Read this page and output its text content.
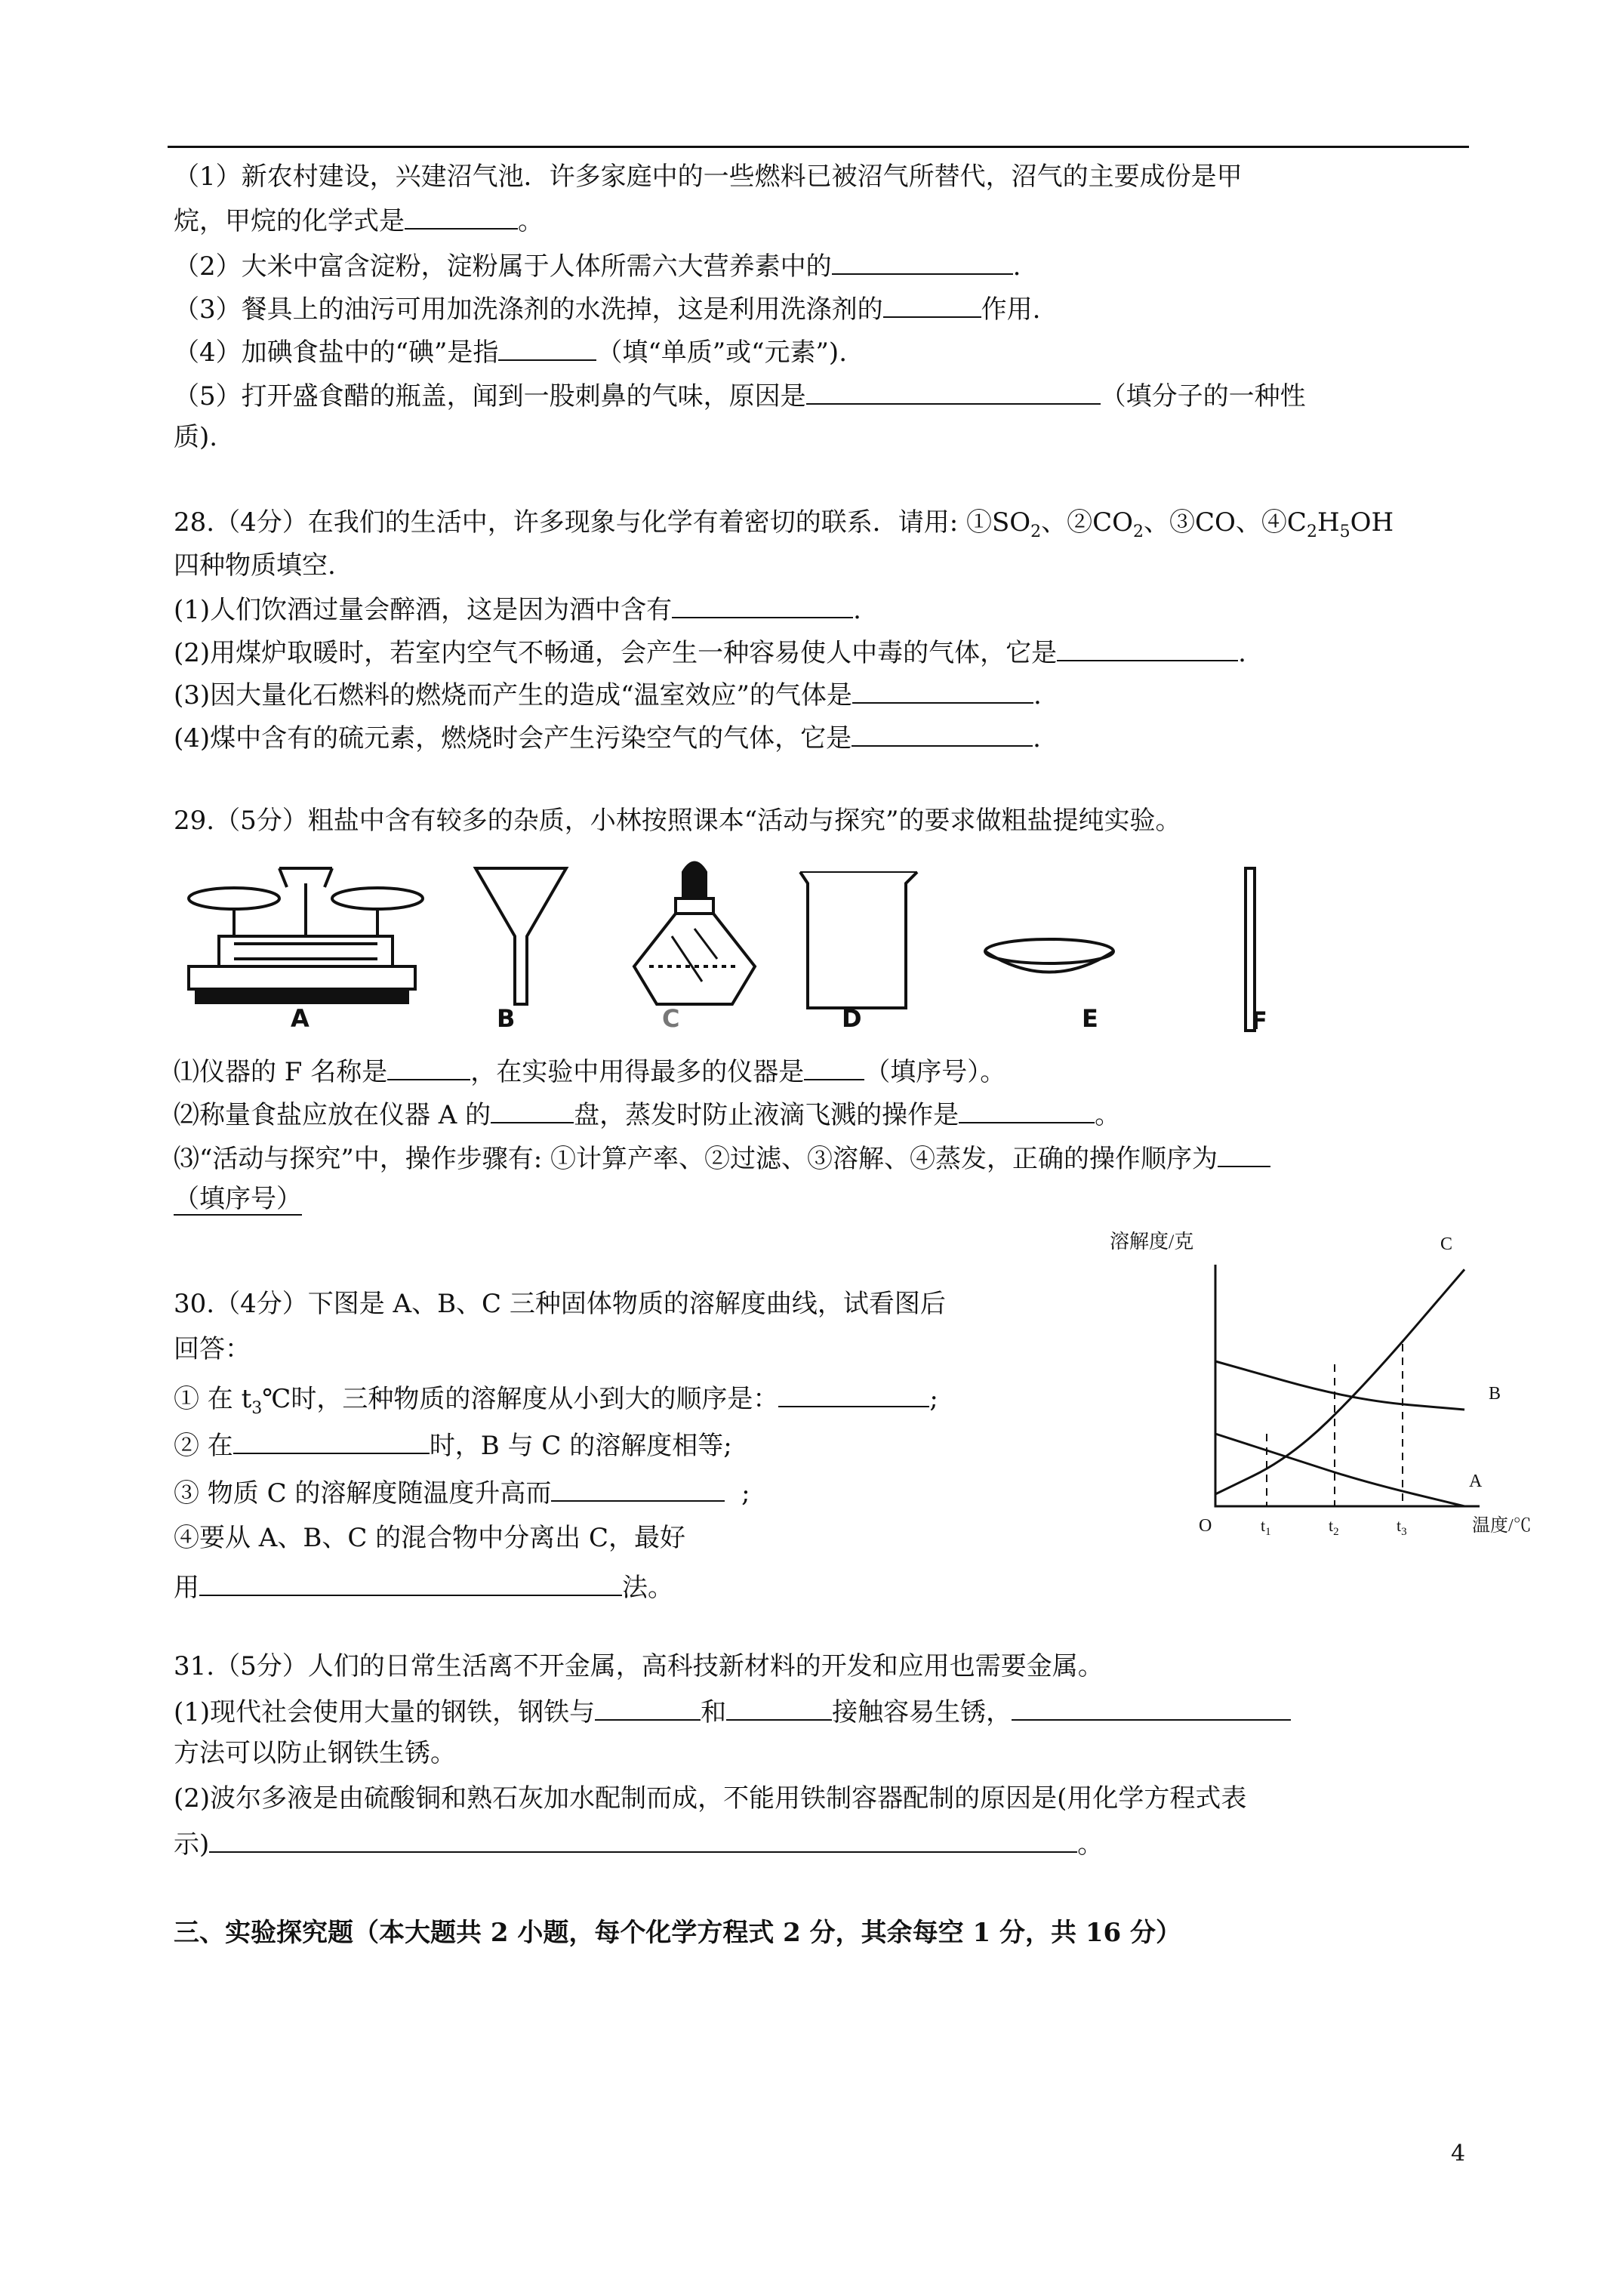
（1）新农村建设，兴建沼气池．许多家庭中的一些燃料已被沼气所替代，沼气的主要成份是甲
烷，甲烷的化学式是	。
（2）大米中富含淀粉，淀粉属于人体所需六大营养素中的	.
（3）餐具上的油污可用加洗涤剂的水洗掉，这是利用洗涤剂的	作用.
（4）加碘食盐中的“碘”是指	（填“单质”或“元素”).
（5）打开盛食醋的瓶盖，闻到一股刺鼻的气味，原因是	（填分子的一种性
质).
28.（4分）在我们的生活中，许多现象与化学有着密切的联系．请用: $①SO_2$、$②CO_2$、③CO、$④C_2H_5OH$
四种物质填空.
(1)人们饮酒过量会醉酒，这是因为酒中含有	.
(2)用煤炉取暖时，若室内空气不畅通，会产生一种容易使人中毒的气体，它是	.
(3)因大量化石燃料的燃烧而产生的造成“温室效应”的气体是	.
(4)煤中含有的硫元素，燃烧时会产生污染空气的气体，它是	.
29.（5分）粗盐中含有较多的杂质，小林按照课本“活动与探究”的要求做粗盐提纯实验。
A	B	C	D	E	F
⑴仪器的 F 名称是	，在实验中用得最多的仪器是 （填序号）。
⑵称量食盐应放在仪器 A 的	盘，蒸发时防止液滴飞溅的操作是	。
⑶“活动与探究”中，操作步骤有: ①计算产率、②过滤、③溶解、④蒸发，正确的操作顺序为
（填序号）
30.（4分）下图是 A、B、C 三种固体物质的溶解度曲线，试看图后
回答：
① 在 $t_3℃$时，三种物质的溶解度从小到大的顺序是：	;
② 在	时，B 与 C 的溶解度相等;
③ 物质 C 的溶解度随温度升高而	;
④要从 A、B、C 的混合物中分离出 C，最好
用	法。
溶解度/克
温度/℃
O
C
B
A
$t_1$	$t_2$	$t_3$
31.（5分）人们的日常生活离不开金属，高科技新材料的开发和应用也需要金属。
(1)现代社会使用大量的钢铁，钢铁与	和	接触容易生锈，
方法可以防止钢铁生锈。
(2)波尔多液是由硫酸铜和熟石灰加水配制而成，不能用铁制容器配制的原因是(用化学方程式表
示)	。
三、实验探究题（本大题共 2 小题，每个化学方程式 2 分，其余每空 1 分，共 16 分）
4
